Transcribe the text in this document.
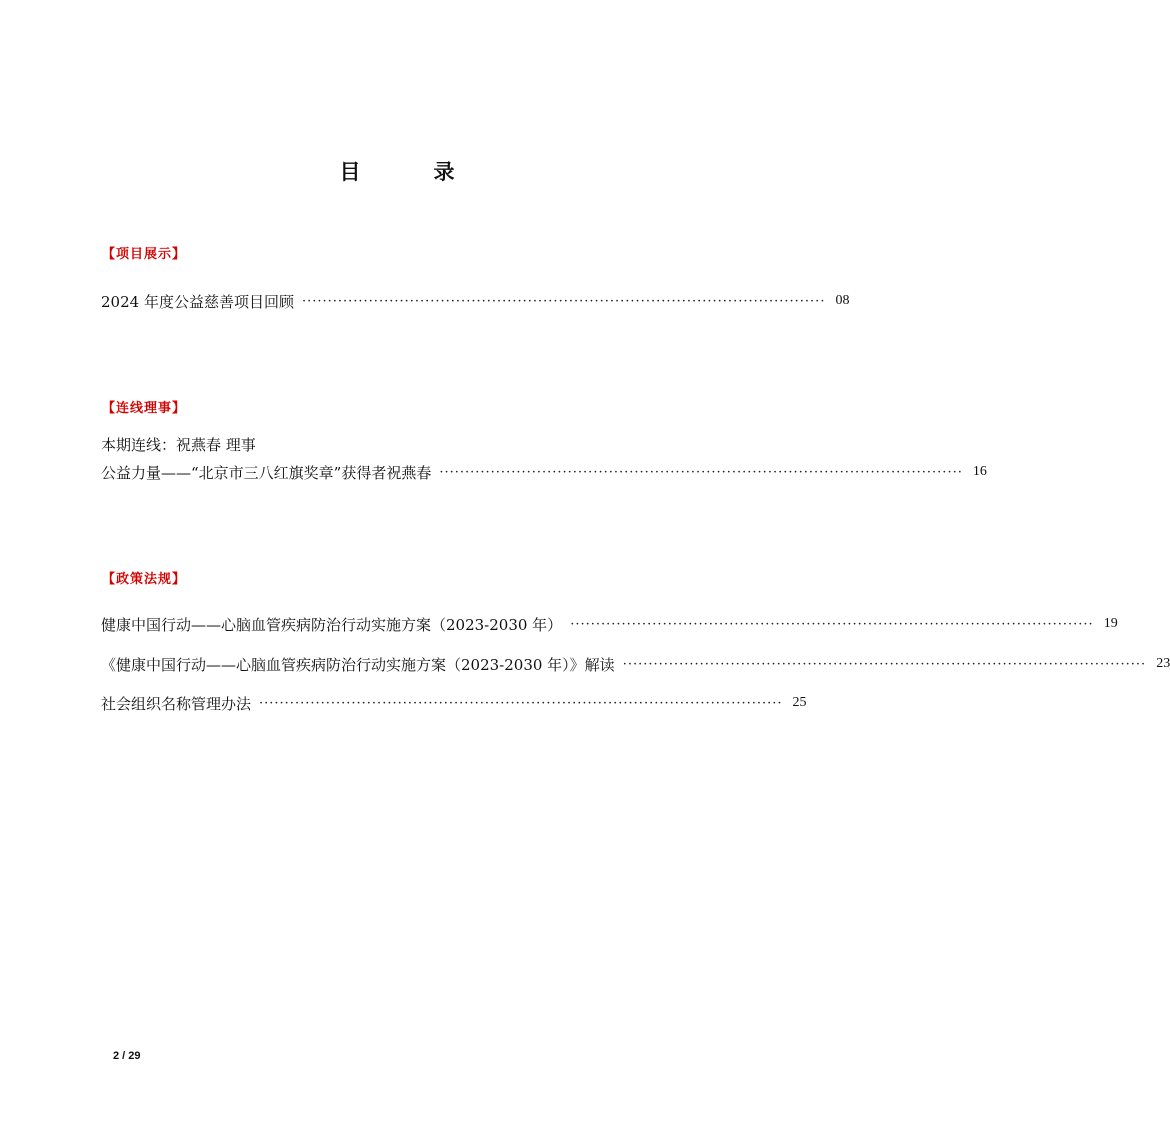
目　录
【项目展示】
2024 年度公益慈善项目回顾 ······································································································ 08
【连线理事】
本期连线：祝燕春 理事
公益力量——“北京市三八红旗奖章”获得者祝燕春 ······································································································ 16
【政策法规】
健康中国行动——心脑血管疾病防治行动实施方案（2023-2030 年） ······································································································ 19
《健康中国行动——心脑血管疾病防治行动实施方案（2023-2030 年）》解读 ······································································································ 23
社会组织名称管理办法 ······································································································ 25
2 / 29
